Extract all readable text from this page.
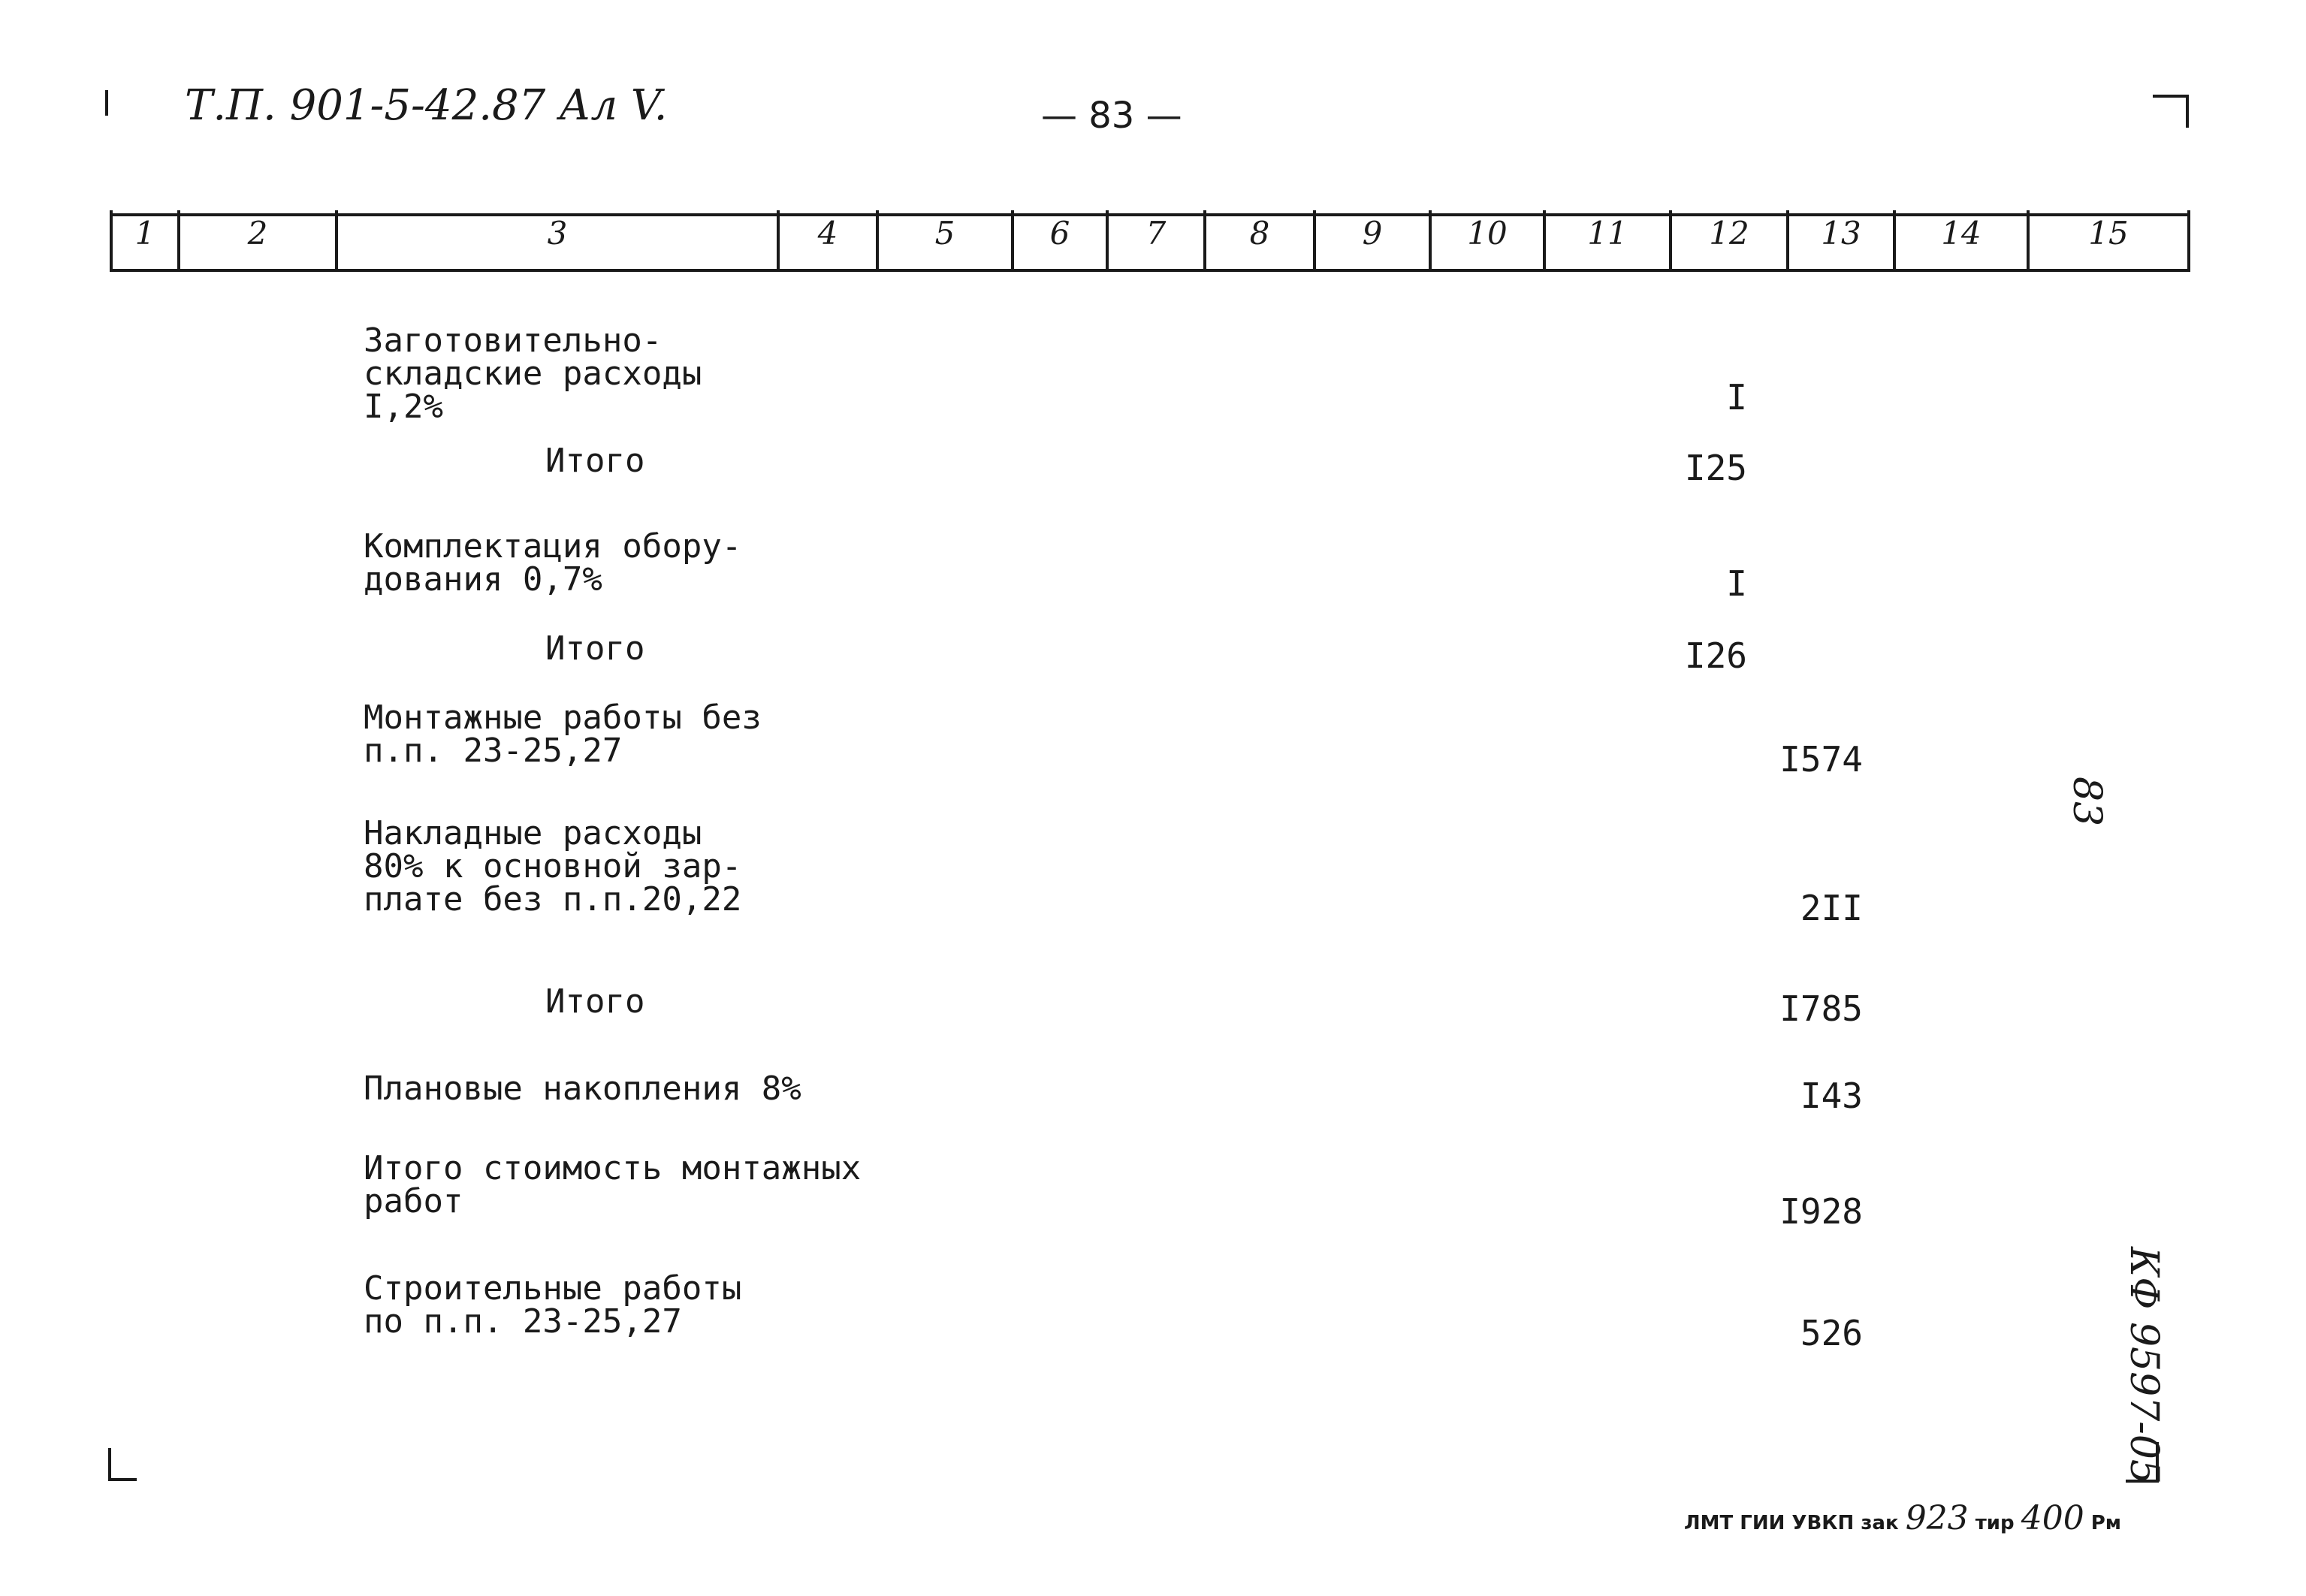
Т.П. 901-5-42.87 Ал V.	— 83 —
1	2	3	4	5	6	7	8	9	10	11	12	13	14	15
Заготовительно-
складские расходы
I,2%	I
Итого	I25
Комплектация обору-
дования 0,7%	I
Итого	I26
Монтажные работы без
п.п. 23-25,27	I574
Накладные расходы
80% к основной зар-
плате без п.п.20,22	2II
Итого	I785
Плановые накопления 8%	I43
Итого стоимость монтажных
работ	I928
Строительные работы
по п.п. 23-25,27	526
83
КФ 9597-05
ЛМТ ГИИ УВКП зак 923 тир 400 Рм
